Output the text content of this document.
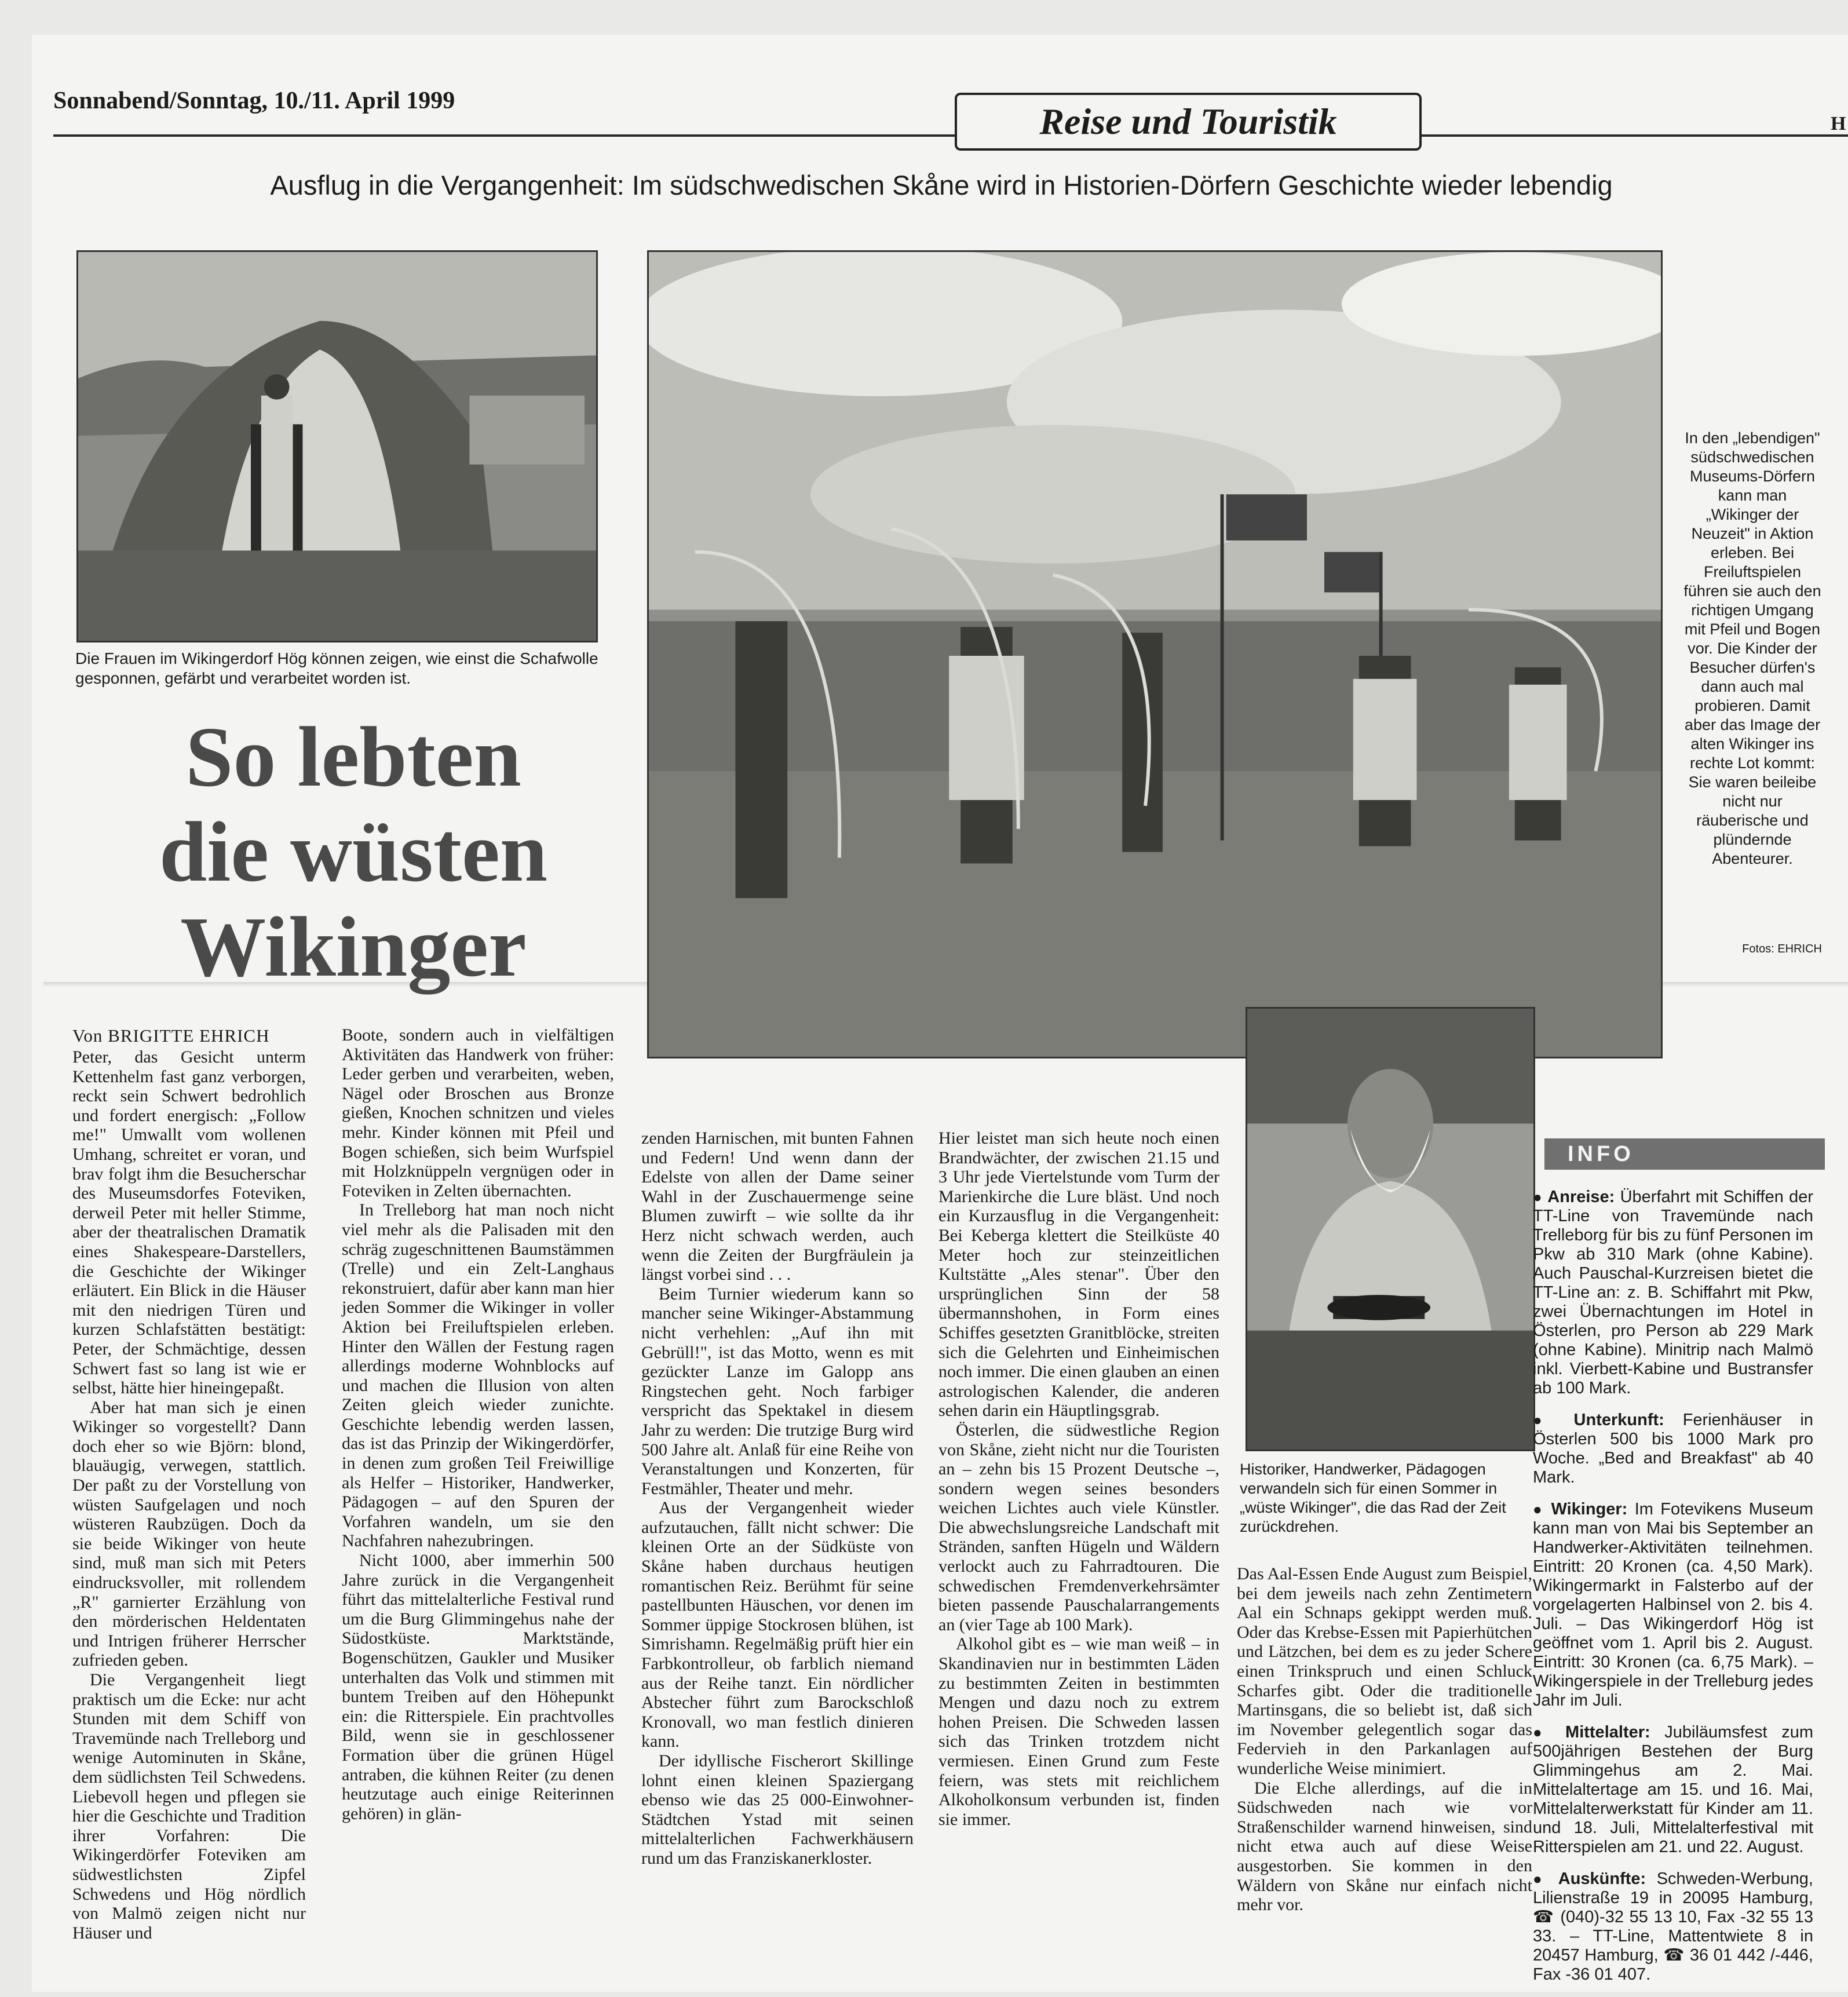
Sonnabend/Sonntag, 10./11. April 1999	Reise und Touristik	H
Ausflug in die Vergangenheit: Im südschwedischen Skåne wird in Historien-Dörfern Geschichte wieder lebendig
Die Frauen im Wikingerdorf Hög können zeigen, wie einst die Schafwolle gesponnen, gefärbt und verarbeitet worden ist.
In den „lebendigen" südschwedischen Museums-Dörfern kann man „Wikinger der Neuzeit" in Aktion erleben. Bei Freiluftspielen führen sie auch den richtigen Umgang mit Pfeil und Bogen vor. Die Kinder der Besucher dürfen's dann auch mal probieren. Damit aber das Image der alten Wikinger ins rechte Lot kommt: Sie waren beileibe nicht nur räuberische und plündernde Abenteurer.
Fotos: EHRICH
Historiker, Handwerker, Pädagogen verwandeln sich für einen Sommer in „wüste Wikinger", die das Rad der Zeit zurückdrehen.
So lebten
die wüsten
Wikinger
Von BRIGITTE EHRICH

Peter, das Gesicht unterm Kettenhelm fast ganz verborgen, reckt sein Schwert bedrohlich und fordert energisch: „Follow me!" Umwallt vom wollenen Umhang, schreitet er voran, und brav folgt ihm die Besucherschar des Museumsdorfes Foteviken, derweil Peter mit heller Stimme, aber der theatralischen Dramatik eines Shakespeare-Darstellers, die Geschichte der Wikinger erläutert. Ein Blick in die Häuser mit den niedrigen Türen und kurzen Schlafstätten bestätigt: Peter, der Schmächtige, dessen Schwert fast so lang ist wie er selbst, hätte hier hineingepaßt.

Aber hat man sich je einen Wikinger so vorgestellt? Dann doch eher so wie Björn: blond, blauäugig, verwegen, stattlich. Der paßt zu der Vorstellung von wüsten Saufgelagen und noch wüsteren Raubzügen. Doch da sie beide Wikinger von heute sind, muß man sich mit Peters eindrucksvoller, mit rollendem „R" garnierter Erzählung von den mörderischen Heldentaten und Intrigen früherer Herrscher zufrieden geben.

Die Vergangenheit liegt praktisch um die Ecke: nur acht Stunden mit dem Schiff von Travemünde nach Trelleborg und wenige Autominuten in Skåne, dem südlichsten Teil Schwedens. Liebevoll hegen und pflegen sie hier die Geschichte und Tradition ihrer Vorfahren: Die Wikingerdörfer Foteviken am südwestlichsten Zipfel Schwedens und Hög nördlich von Malmö zeigen nicht nur Häuser und

Boote, sondern auch in vielfältigen Aktivitäten das Handwerk von früher: Leder gerben und verarbeiten, weben, Nägel oder Broschen aus Bronze gießen, Knochen schnitzen und vieles mehr. Kinder können mit Pfeil und Bogen schießen, sich beim Wurfspiel mit Holzknüppeln vergnügen oder in Foteviken in Zelten übernachten.

In Trelleborg hat man noch nicht viel mehr als die Palisaden mit den schräg zugeschnittenen Baumstämmen (Trelle) und ein Zelt-Langhaus rekonstruiert, dafür aber kann man hier jeden Sommer die Wikinger in voller Aktion bei Freiluftspielen erleben. Hinter den Wällen der Festung ragen allerdings moderne Wohnblocks auf und machen die Illusion von alten Zeiten gleich wieder zunichte. Geschichte lebendig werden lassen, das ist das Prinzip der Wikingerdörfer, in denen zum großen Teil Freiwillige als Helfer – Historiker, Handwerker, Pädagogen – auf den Spuren der Vorfahren wandeln, um sie den Nachfahren nahezubringen.

Nicht 1000, aber immerhin 500 Jahre zurück in die Vergangenheit führt das mittelalterliche Festival rund um die Burg Glimmingehus nahe der Südostküste. Marktstände, Bogenschützen, Gaukler und Musiker unterhalten das Volk und stimmen mit buntem Treiben auf den Höhepunkt ein: die Ritterspiele. Ein prachtvolles Bild, wenn sie in geschlossener Formation über die grünen Hügel antraben, die kühnen Reiter (zu denen heutzutage auch einige Reiterinnen gehören) in glän-

zenden Harnischen, mit bunten Fahnen und Federn! Und wenn dann der Edelste von allen der Dame seiner Wahl in der Zuschauermenge seine Blumen zuwirft – wie sollte da ihr Herz nicht schwach werden, auch wenn die Zeiten der Burgfräulein ja längst vorbei sind . . .

Beim Turnier wiederum kann so mancher seine Wikinger-Abstammung nicht verhehlen: „Auf ihn mit Gebrüll!", ist das Motto, wenn es mit gezückter Lanze im Galopp ans Ringstechen geht. Noch farbiger verspricht das Spektakel in diesem Jahr zu werden: Die trutzige Burg wird 500 Jahre alt. Anlaß für eine Reihe von Veranstaltungen und Konzerten, für Festmähler, Theater und mehr.

Aus der Vergangenheit wieder aufzutauchen, fällt nicht schwer: Die kleinen Orte an der Südküste von Skåne haben durchaus heutigen romantischen Reiz. Berühmt für seine pastellbunten Häuschen, vor denen im Sommer üppige Stockrosen blühen, ist Simrishamn. Regelmäßig prüft hier ein Farbkontrolleur, ob farblich niemand aus der Reihe tanzt. Ein nördlicher Abstecher führt zum Barockschloß Kronovall, wo man festlich dinieren kann.

Der idyllische Fischerort Skillinge lohnt einen kleinen Spaziergang ebenso wie das 25 000-Einwohner-Städtchen Ystad mit seinen mittelalterlichen Fachwerkhäusern rund um das Franziskanerkloster.

Hier leistet man sich heute noch einen Brandwächter, der zwischen 21.15 und 3 Uhr jede Viertelstunde vom Turm der Marienkirche die Lure bläst. Und noch ein Kurzausflug in die Vergangenheit: Bei Keberga klettert die Steilküste 40 Meter hoch zur steinzeitlichen Kultstätte „Ales stenar". Über den ursprünglichen Sinn der 58 übermannshohen, in Form eines Schiffes gesetzten Granitblöcke, streiten sich die Gelehrten und Einheimischen noch immer. Die einen glauben an einen astrologischen Kalender, die anderen sehen darin ein Häuptlingsgrab.

Österlen, die südwestliche Region von Skåne, zieht nicht nur die Touristen an – zehn bis 15 Prozent Deutsche –, sondern wegen seines besonders weichen Lichtes auch viele Künstler. Die abwechslungsreiche Landschaft mit Stränden, sanften Hügeln und Wäldern verlockt auch zu Fahrradtouren. Die schwedischen Fremdenverkehrsämter bieten passende Pauschalarrangements an (vier Tage ab 100 Mark).

Alkohol gibt es – wie man weiß – in Skandinavien nur in bestimmten Läden zu bestimmten Zeiten in bestimmten Mengen und dazu noch zu extrem hohen Preisen. Die Schweden lassen sich das Trinken trotzdem nicht vermiesen. Einen Grund zum Feste feiern, was stets mit reichlichem Alkoholkonsum verbunden ist, finden sie immer.

Das Aal-Essen Ende August zum Beispiel, bei dem jeweils nach zehn Zentimetern Aal ein Schnaps gekippt werden muß. Oder das Krebse-Essen mit Papierhütchen und Lätzchen, bei dem es zu jeder Schere einen Trinkspruch und einen Schluck Scharfes gibt. Oder die traditionelle Martinsgans, die so beliebt ist, daß sich im November gelegentlich sogar das Federvieh in den Parkanlagen auf wunderliche Weise minimiert.

Die Elche allerdings, auf die in Südschweden nach wie vor Straßenschilder warnend hinweisen, sind nicht etwa auch auf diese Weise ausgestorben. Sie kommen in den Wäldern von Skåne nur einfach nicht mehr vor.

INFO

● Anreise: Überfahrt mit Schiffen der TT-Line von Travemünde nach Trelleborg für bis zu fünf Personen im Pkw ab 310 Mark (ohne Kabine). Auch Pauschal-Kurzreisen bietet die TT-Line an: z. B. Schiffahrt mit Pkw, zwei Übernachtungen im Hotel in Österlen, pro Person ab 229 Mark (ohne Kabine). Minitrip nach Malmö inkl. Vierbett-Kabine und Bustransfer ab 100 Mark.

● Unterkunft: Ferienhäuser in Österlen 500 bis 1000 Mark pro Woche. „Bed and Breakfast" ab 40 Mark.

● Wikinger: Im Fotevikens Museum kann man von Mai bis September an Handwerker-Aktivitäten teilnehmen. Eintritt: 20 Kronen (ca. 4,50 Mark). Wikingermarkt in Falsterbo auf der vorgelagerten Halbinsel von 2. bis 4. Juli. – Das Wikingerdorf Hög ist geöffnet vom 1. April bis 2. August. Eintritt: 30 Kronen (ca. 6,75 Mark). – Wikingerspiele in der Trelleburg jedes Jahr im Juli.

● Mittelalter: Jubiläumsfest zum 500jährigen Bestehen der Burg Glimmingehus am 2. Mai. Mittelaltertage am 15. und 16. Mai, Mittelalterwerkstatt für Kinder am 11. und 18. Juli, Mittelalterfestival mit Ritterspielen am 21. und 22. August.

● Auskünfte: Schweden-Werbung, Lilienstraße 19 in 20095 Hamburg, ☎ (040)-32 55 13 10, Fax -32 55 13 33. – TT-Line, Mattentwiete 8 in 20457 Hamburg, ☎ 36 01 442 /-446, Fax -36 01 407.
